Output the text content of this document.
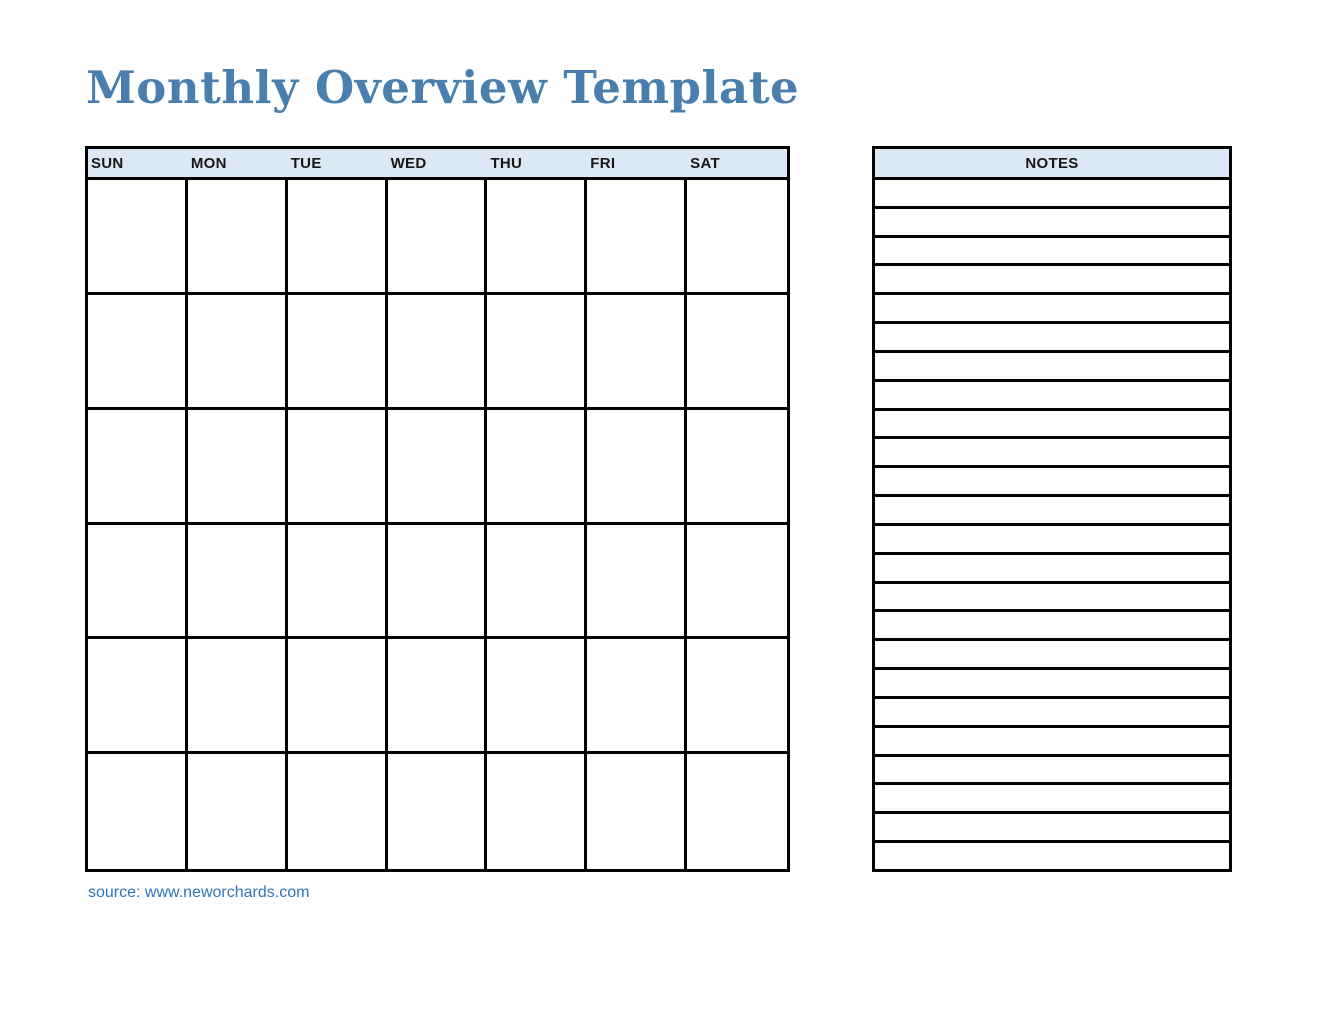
Monthly Overview Template
SUN	MON	TUE	WED	THU	FRI	SAT	NOTES
source: www.neworchards.com
